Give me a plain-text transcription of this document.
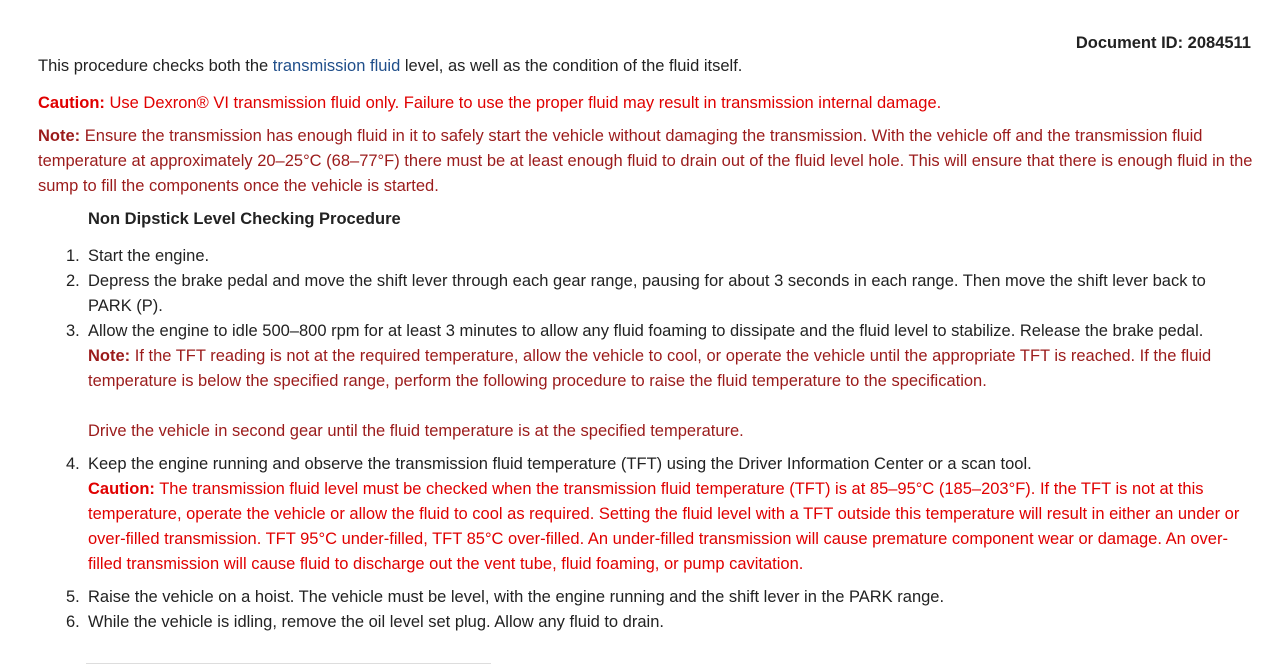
Document ID: 2084511

This procedure checks both the transmission fluid level, as well as the condition of the fluid itself.

Caution: Use Dexron® VI transmission fluid only. Failure to use the proper fluid may result in transmission internal damage.

Note: Ensure the transmission has enough fluid in it to safely start the vehicle without damaging the transmission. With the vehicle off and the transmission fluid temperature at approximately 20–25°C (68–77°F) there must be at least enough fluid to drain out of the fluid level hole. This will ensure that there is enough fluid in the sump to fill the components once the vehicle is started.

Non Dipstick Level Checking Procedure

1. Start the engine.
2. Depress the brake pedal and move the shift lever through each gear range, pausing for about 3 seconds in each range. Then move the shift lever back to PARK (P).
3. Allow the engine to idle 500–800 rpm for at least 3 minutes to allow any fluid foaming to dissipate and the fluid level to stabilize. Release the brake pedal.
Note: If the TFT reading is not at the required temperature, allow the vehicle to cool, or operate the vehicle until the appropriate TFT is reached. If the fluid temperature is below the specified range, perform the following procedure to raise the fluid temperature to the specification.
Drive the vehicle in second gear until the fluid temperature is at the specified temperature.
4. Keep the engine running and observe the transmission fluid temperature (TFT) using the Driver Information Center or a scan tool.
Caution: The transmission fluid level must be checked when the transmission fluid temperature (TFT) is at 85–95°C (185–203°F). If the TFT is not at this temperature, operate the vehicle or allow the fluid to cool as required. Setting the fluid level with a TFT outside this temperature will result in either an under or over-filled transmission. TFT 95°C under-filled, TFT 85°C over-filled. An under-filled transmission will cause premature component wear or damage. An over-filled transmission will cause fluid to discharge out the vent tube, fluid foaming, or pump cavitation.
5. Raise the vehicle on a hoist. The vehicle must be level, with the engine running and the shift lever in the PARK range.
6. While the vehicle is idling, remove the oil level set plug. Allow any fluid to drain.
